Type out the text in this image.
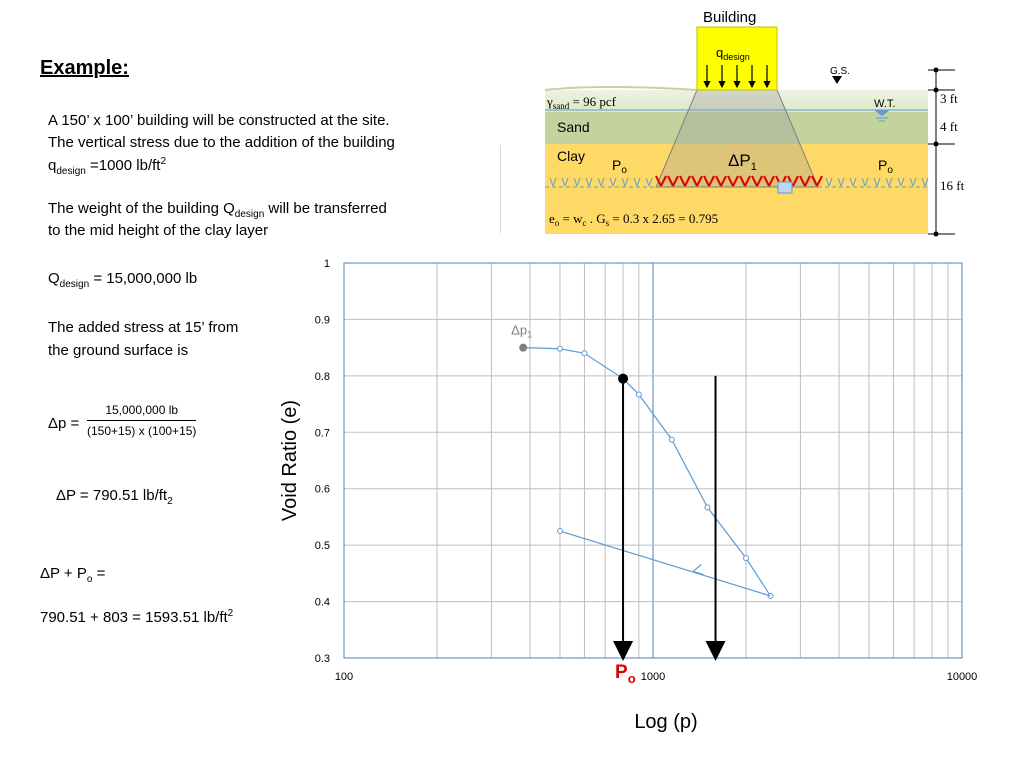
Example:
A 150’ x 100’ building will be constructed at the site.
The vertical stress due to the addition of the building
$q_{design} =1000$ $lb/ft^2$
The weight of the building $Q_{design}$ will be transferred
to the mid height of the clay layer
$Q_{design} = 15,000,000$ lb
The added stress at 15’ from
the ground surface is
$\Delta p = \frac{15,000,000 lb}{(150+15) x (100+15)}$
ΔP = 790.51 $lb/ft_2$
$\Delta P + P_o$ =
790.51 + 803 = 1593.51 $lb/ft^2$
Building
$q_{design}$
G.S.
$\gamma_{sand} = 96$ pcf	W.T.
Sand
Clay
$P_o$	$P_o$
$\Delta P_1$
$e_o = w_c$ . $G_s = 0.3$ x 2.65 = 0.795
3 ft
4 ft
16 ft
0.3
0.4
0.5
0.6
0.7
0.8
0.9
1
100	1000	10000
$\Delta p_1$
$P_o$
Void Ratio (e)
Log (p)
